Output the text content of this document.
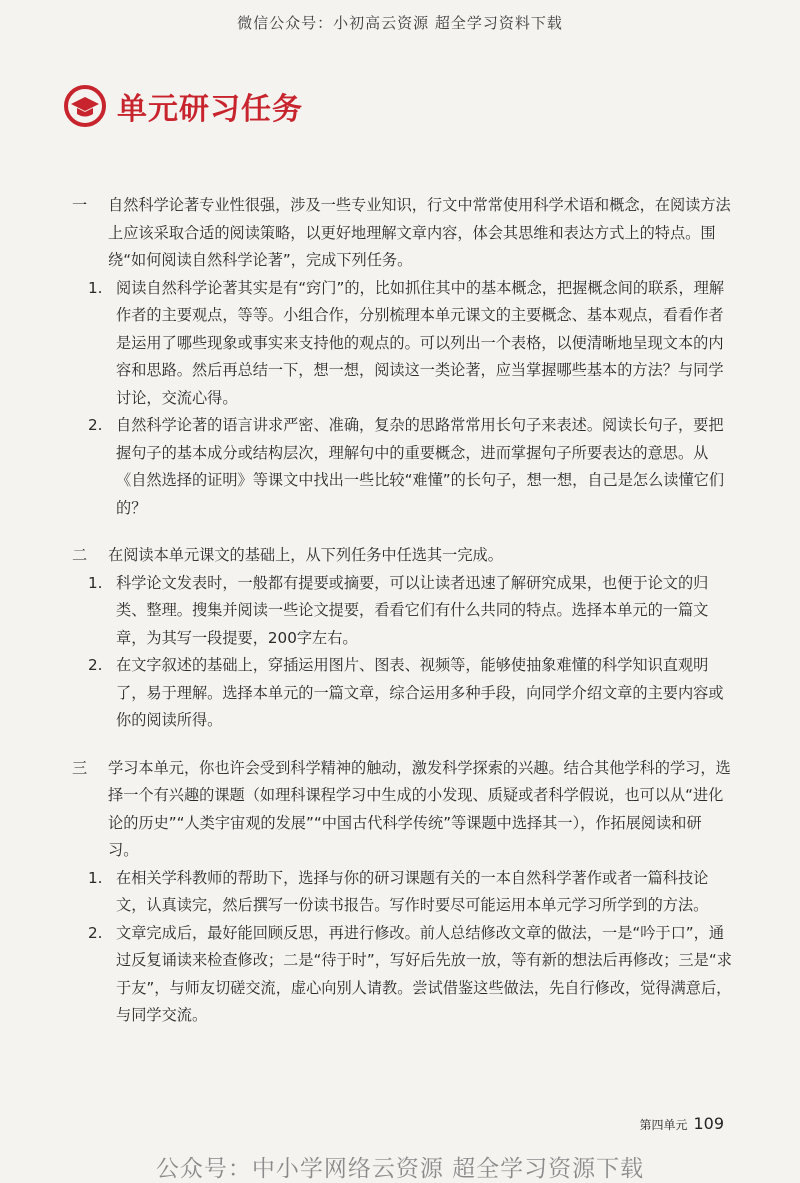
微信公众号：小初高云资源 超全学习资料下载
单元研习任务
一 自然科学论著专业性很强，涉及一些专业知识，行文中常常使用科学术语和概念，在阅读方法上应该采取合适的阅读策略，以更好地理解文章内容，体会其思维和表达方式上的特点。围绕“如何阅读自然科学论著”，完成下列任务。

1. 阅读自然科学论著其实是有“窍门”的，比如抓住其中的基本概念，把握概念间的联系，理解作者的主要观点，等等。小组合作，分别梳理本单元课文的主要概念、基本观点，看看作者是运用了哪些现象或事实来支持他的观点的。可以列出一个表格，以便清晰地呈现文本的内容和思路。然后再总结一下，想一想，阅读这一类论著，应当掌握哪些基本的方法？与同学讨论，交流心得。

2. 自然科学论著的语言讲求严密、准确，复杂的思路常常用长句子来表述。阅读长句子，要把握句子的基本成分或结构层次，理解句中的重要概念，进而掌握句子所要表达的意思。从《自然选择的证明》等课文中找出一些比较“难懂”的长句子，想一想，自己是怎么读懂它们的？

二 在阅读本单元课文的基础上，从下列任务中任选其一完成。

1. 科学论文发表时，一般都有提要或摘要，可以让读者迅速了解研究成果，也便于论文的归类、整理。搜集并阅读一些论文提要，看看它们有什么共同的特点。选择本单元的一篇文章，为其写一段提要，200字左右。

2. 在文字叙述的基础上，穿插运用图片、图表、视频等，能够使抽象难懂的科学知识直观明了，易于理解。选择本单元的一篇文章，综合运用多种手段，向同学介绍文章的主要内容或你的阅读所得。

三 学习本单元，你也许会受到科学精神的触动，激发科学探索的兴趣。结合其他学科的学习，选择一个有兴趣的课题（如理科课程学习中生成的小发现、质疑或者科学假说，也可以从“进化论的历史”“人类宇宙观的发展”“中国古代科学传统”等课题中选择其一），作拓展阅读和研习。

1. 在相关学科教师的帮助下，选择与你的研习课题有关的一本自然科学著作或者一篇科技论文，认真读完，然后撰写一份读书报告。写作时要尽可能运用本单元学习所学到的方法。

2. 文章完成后，最好能回顾反思，再进行修改。前人总结修改文章的做法，一是“吟于口”，通过反复诵读来检查修改；二是“待于时”，写好后先放一放，等有新的想法后再修改；三是“求于友”，与师友切磋交流，虚心向别人请教。尝试借鉴这些做法，先自行修改，觉得满意后，与同学交流。

第四单元 109
公众号：中小学网络云资源 超全学习资源下载
